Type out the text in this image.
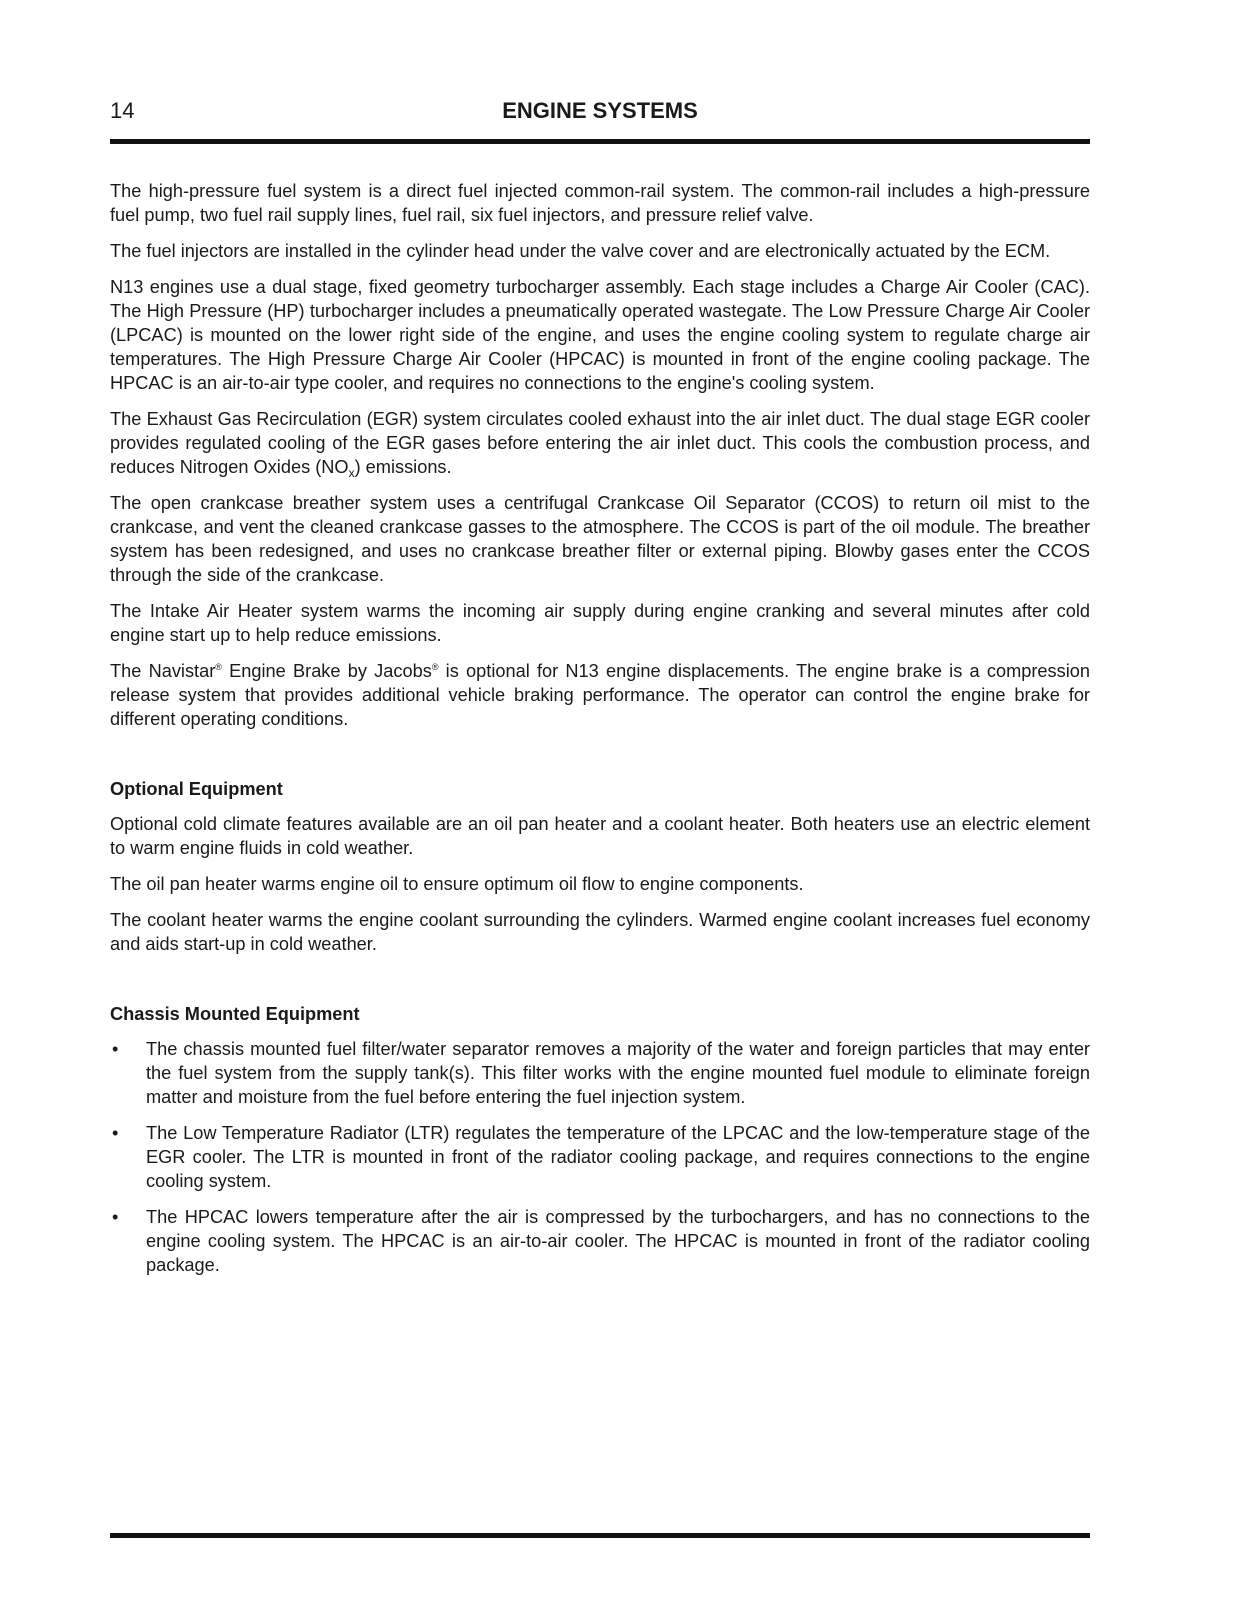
14	ENGINE SYSTEMS

The high-pressure fuel system is a direct fuel injected common-rail system. The common-rail includes a high-pressure fuel pump, two fuel rail supply lines, fuel rail, six fuel injectors, and pressure relief valve.

The fuel injectors are installed in the cylinder head under the valve cover and are electronically actuated by the ECM.

N13 engines use a dual stage, fixed geometry turbocharger assembly. Each stage includes a Charge Air Cooler (CAC). The High Pressure (HP) turbocharger includes a pneumatically operated wastegate. The Low Pressure Charge Air Cooler (LPCAC) is mounted on the lower right side of the engine, and uses the engine cooling system to regulate charge air temperatures. The High Pressure Charge Air Cooler (HPCAC) is mounted in front of the engine cooling package. The HPCAC is an air-to-air type cooler, and requires no connections to the engine's cooling system.

The Exhaust Gas Recirculation (EGR) system circulates cooled exhaust into the air inlet duct. The dual stage EGR cooler provides regulated cooling of the EGR gases before entering the air inlet duct. This cools the combustion process, and reduces Nitrogen Oxides $(NO_x)$ emissions.

The open crankcase breather system uses a centrifugal Crankcase Oil Separator (CCOS) to return oil mist to the crankcase, and vent the cleaned crankcase gasses to the atmosphere. The CCOS is part of the oil module. The breather system has been redesigned, and uses no crankcase breather filter or external piping. Blowby gases enter the CCOS through the side of the crankcase.

The Intake Air Heater system warms the incoming air supply during engine cranking and several minutes after cold engine start up to help reduce emissions.

The Navistar® Engine Brake by Jacobs® is optional for N13 engine displacements. The engine brake is a compression release system that provides additional vehicle braking performance. The operator can control the engine brake for different operating conditions.

Optional Equipment

Optional cold climate features available are an oil pan heater and a coolant heater. Both heaters use an electric element to warm engine fluids in cold weather.

The oil pan heater warms engine oil to ensure optimum oil flow to engine components.

The coolant heater warms the engine coolant surrounding the cylinders. Warmed engine coolant increases fuel economy and aids start-up in cold weather.

Chassis Mounted Equipment
• The chassis mounted fuel filter/water separator removes a majority of the water and foreign particles that may enter the fuel system from the supply tank(s). This filter works with the engine mounted fuel module to eliminate foreign matter and moisture from the fuel before entering the fuel injection system.
• The Low Temperature Radiator (LTR) regulates the temperature of the LPCAC and the low-temperature stage of the EGR cooler. The LTR is mounted in front of the radiator cooling package, and requires connections to the engine cooling system.
• The HPCAC lowers temperature after the air is compressed by the turbochargers, and has no connections to the engine cooling system. The HPCAC is an air-to-air cooler. The HPCAC is mounted in front of the radiator cooling package.
